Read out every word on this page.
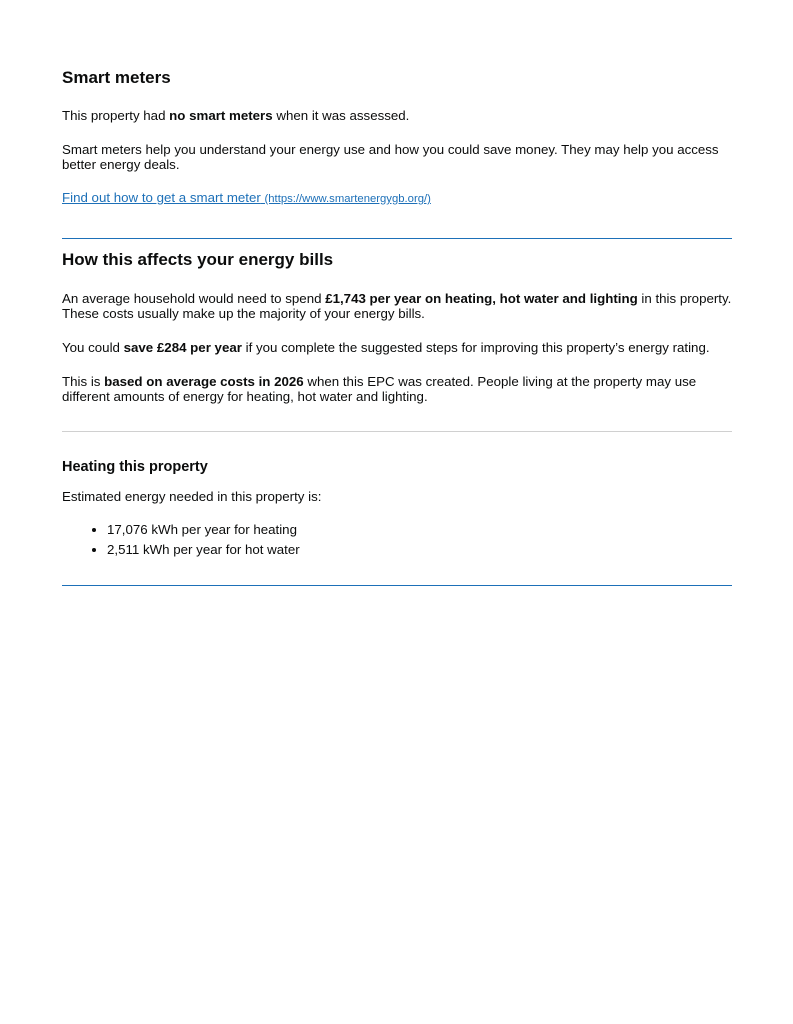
Smart meters

This property had no smart meters when it was assessed.

Smart meters help you understand your energy use and how you could save money. They may help you access better energy deals.

Find out how to get a smart meter (https://www.smartenergygb.org/)

How this affects your energy bills

An average household would need to spend £1,743 per year on heating, hot water and lighting in this property. These costs usually make up the majority of your energy bills.

You could save £284 per year if you complete the suggested steps for improving this property’s energy rating.

This is based on average costs in 2026 when this EPC was created. People living at the property may use different amounts of energy for heating, hot water and lighting.

Heating this property

Estimated energy needed in this property is:

17,076 kWh per year for heating
2,511 kWh per year for hot water
